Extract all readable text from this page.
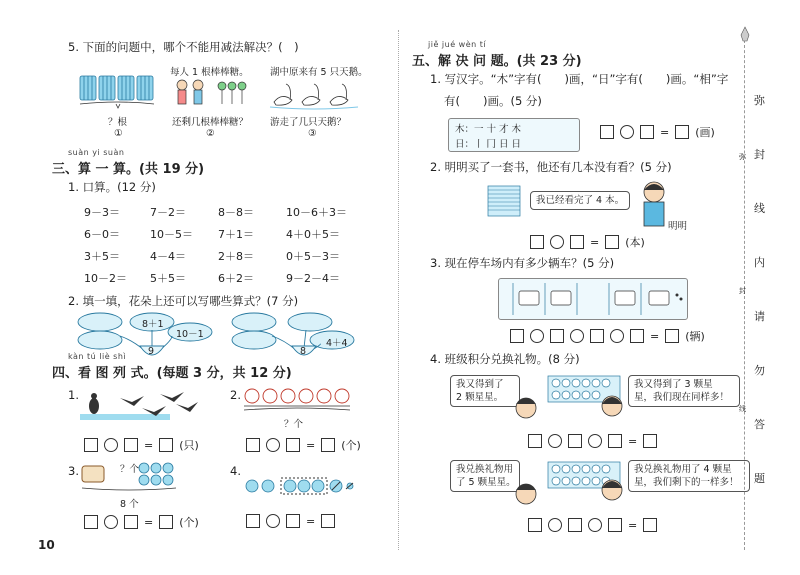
5. 下面的问题中，哪个不能用减法解决？(　)
？根
①
每人 1 根棒棒糖。
还剩几根棒棒糖？
②
湖中原来有 5 只天鹅。
游走了几只天鹅？
③
suàn yi suàn
三、算 一 算。(共 19 分)
1. 口算。(12 分)
9－3＝	7－2＝	8－8＝	10－6＋3＝
6－0＝	10－5＝ 7＋1＝	4＋0＋5＝
3＋5＝	4－4＝	2＋8＝	0＋5－3＝
10－2＝ 5＋5＝	6＋2＝	9－2－4＝
2. 填一填，花朵上还可以写哪些算式？(7 分)
8＋1
9
10－1
8
4＋4
kàn tú liè shì
四、看 图 列 式。(每题 3 分，共 12 分)
1.
= (只)
2.
？个
= (个)
3.	？个
8 个
= (个)
4.
=
10
jiě jué wèn tí
五、解 决 问 题。(共 23 分)
1. 写汉字。“木”字有(　　)画，“日”字有(　　)画。“相”字
有(　　)画。(5 分)
木：一 十 才 木
日：丨 冂 日 日
= (画)
2. 明明买了一套书，他还有几本没有看？(5 分)
我已经看完了 4 本。
明明
= (本)
3. 现在停车场内有多少辆车？(5 分)
= (辆)
4. 班级积分兑换礼物。(8 分)
我又得到了
2 颗星星。
我又得到了 3 颗星
星，我们现在同样多！
=
我兑换礼物用
了 5 颗星星。
我兑换礼物用了 4 颗星
星，我们剩下的一样多！
=
弥
封
线
内
请
勿
答
题
弥
封
线
